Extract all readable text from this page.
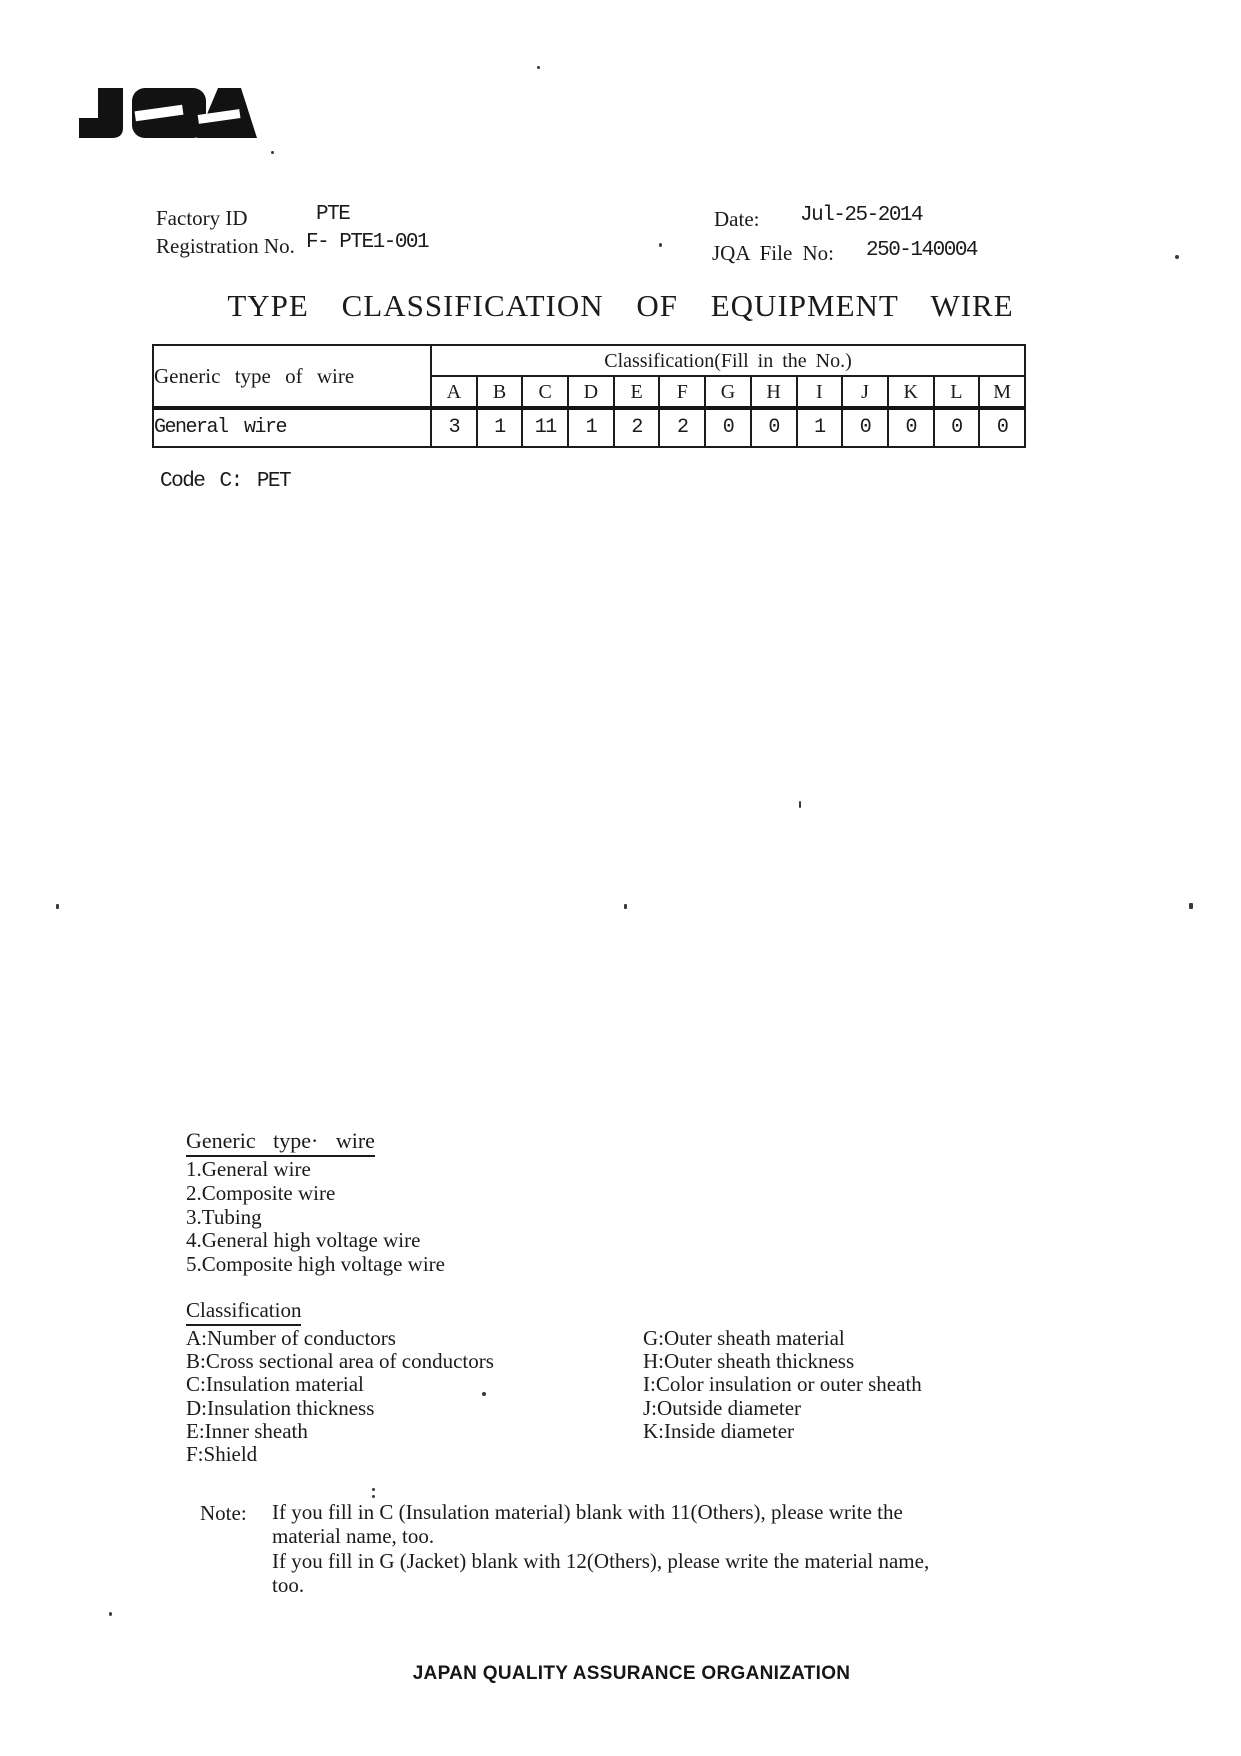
Factory ID	PTE
Registration No. F- PTE1-001
Date: Jul-25-2014
JQA File No: 250-140004
TYPE CLASSIFICATION OF EQUIPMENT WIRE
Generic type of wire	Classification(Fill in the No.)												
	A	B	C	D	E	F	G	H	I	J	K	L	M
General wire	3	1	11	1	2	2	0	0	1	0	0	0	0
Code C: PET
Generic type· wire
1.General wire
2.Composite wire
3.Tubing
4.General high voltage wire
5.Composite high voltage wire
Classification
A:Number of conductors
B:Cross sectional area of conductors
C:Insulation material
D:Insulation thickness
E:Inner sheath
F:Shield
G:Outer sheath material
H:Outer sheath thickness
I:Color insulation or outer sheath
J:Outside diameter
K:Inside diameter
Note: If you fill in C (Insulation material) blank with 11(Others), please write the
material name, too.
If you fill in G (Jacket) blank with 12(Others), please write the material name,
too.
JAPAN QUALITY ASSURANCE ORGANIZATION
